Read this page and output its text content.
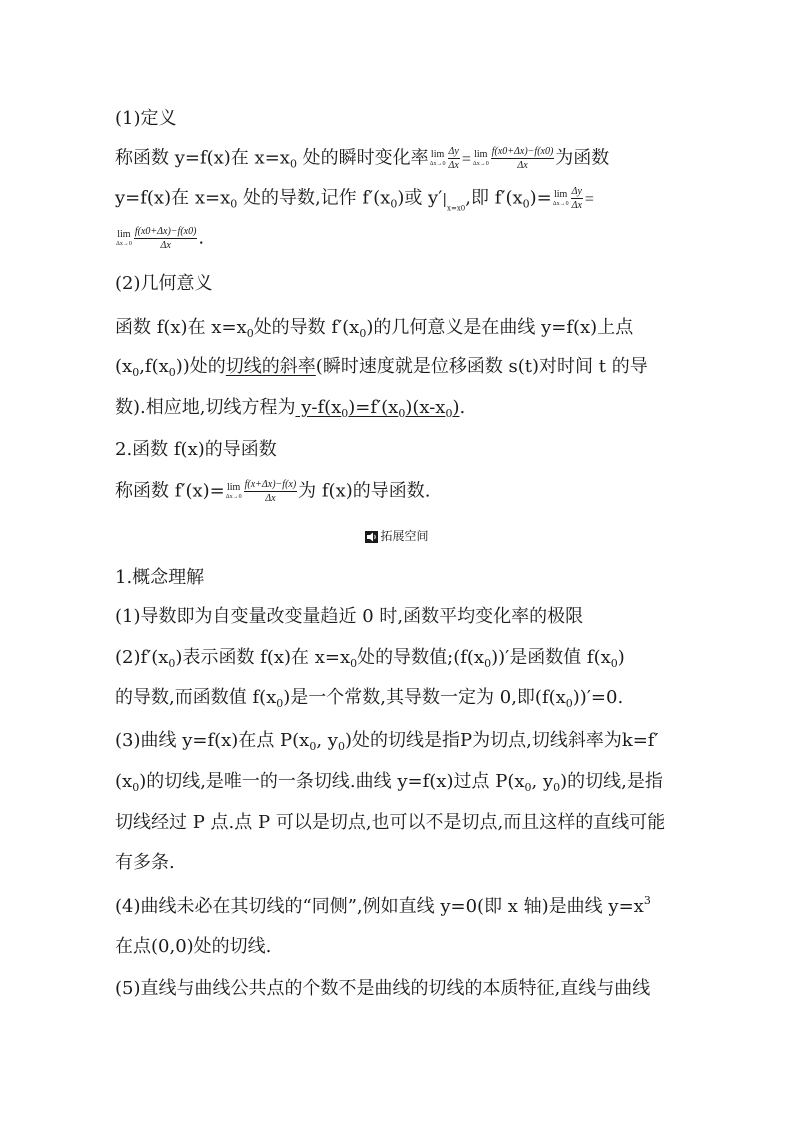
(1)定义
称函数 y=f(x)在 $x=x_0$ 处的瞬时变化率 lim
$\Delta x\to 0 \frac{\Delta y}{\Delta x} = \lim$
$\Delta x\to 0 \frac{f(x0+\Delta x)-f(x0)}{\Delta x}$ 为函数
y=f(x)在 $x=x_0$ 处的导数,记作 $f'(x_0)$或 $y'|_{x=x0}$,即 $f'(x_0)= \lim$
$\Delta x\to 0 \frac{\Delta y}{\Delta x}$ =
lim
$\Delta x\to 0 \frac{f(x0+\Delta x)-f(x0)}{\Delta x}$ .
(2)几何意义
函数 f(x)在 $x=x_0$处的导数 $f'(x_0)$的几何意义是在曲线 y=f(x)上点
$(x_0,f(x_0))$处的切线的斜率(瞬时速度就是位移函数 s(t)对时间 t 的导
数).相应地,切线方程为 $y-f(x_0)=f'(x_0)(x-x_0)$.
2.函数 f(x)的导函数
称函数 f′(x)= lim
$\Delta x\to 0 \frac{f(x+\Delta x)-f(x)}{\Delta x}$ 为 f(x)的导函数.
拓展空间
1.概念理解
(1)导数即为自变量改变量趋近 0 时,函数平均变化率的极限
$(2)f'(x_0)$表示函数 f(x)在 $x=x_0$处的导数值$;(f(x_0))'$是函数值 $f(x_0)$
的导数,而函数值 $f(x_0)$是一个常数,其导数一定为 0,即$(f(x_0))'=0$.
(3)曲线 y=f(x)在点 $P(x_0$, $y_0$)处的切线是指P为切点,切线斜率为k=f′
$(x_0)$的切线,是唯一的一条切线.曲线 y=f(x)过点 $P(x_0$, $y_0$)的切线,是指
切线经过 P 点.点 P 可以是切点,也可以不是切点,而且这样的直线可能
有多条.
(4)曲线未必在其切线的“同侧”,例如直线 y=0(即 x 轴)是曲线 $y=x^3$
在点(0,0)处的切线.
(5)直线与曲线公共点的个数不是曲线的切线的本质特征,直线与曲线
